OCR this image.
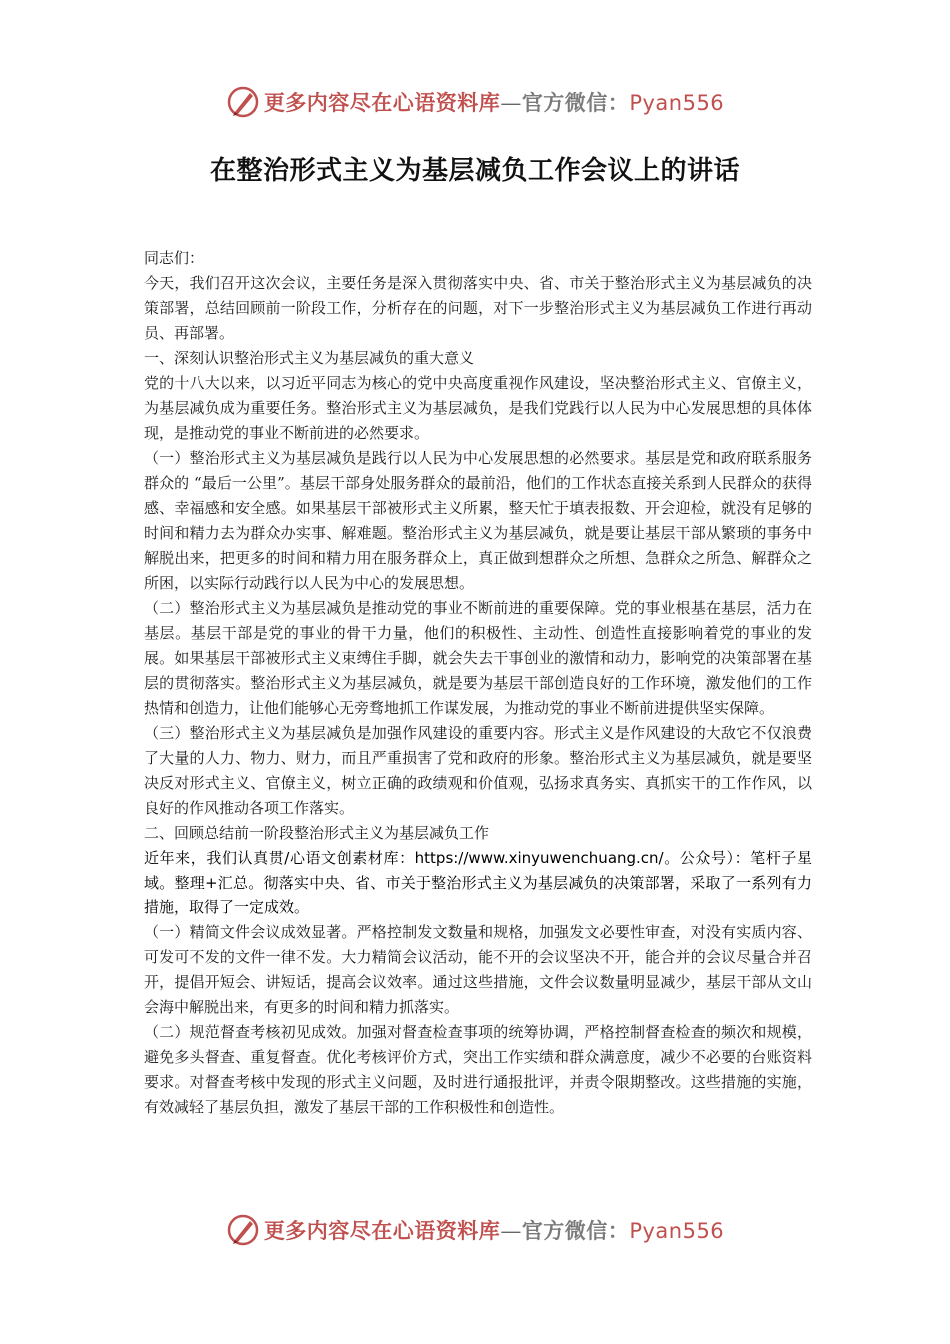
更多内容尽在心语资料库—官方微信：Pyan556
在整治形式主义为基层减负工作会议上的讲话

同志们：

今天，我们召开这次会议，主要任务是深入贯彻落实中央、省、市关于整治形式主义为基层减负的决策部署，总结回顾前一阶段工作，分析存在的问题，对下一步整治形式主义为基层减负工作进行再动员、再部署。

一、深刻认识整治形式主义为基层减负的重大意义

党的十八大以来，以习近平同志为核心的党中央高度重视作风建设，坚决整治形式主义、官僚主义，为基层减负成为重要任务。整治形式主义为基层减负，是我们党践行以人民为中心发展思想的具体体现，是推动党的事业不断前进的必然要求。

（一）整治形式主义为基层减负是践行以人民为中心发展思想的必然要求。基层是党和政府联系服务群众的 “最后一公里”。基层干部身处服务群众的最前沿，他们的工作状态直接关系到人民群众的获得感、幸福感和安全感。如果基层干部被形式主义所累，整天忙于填表报数、开会迎检，就没有足够的时间和精力去为群众办实事、解难题。整治形式主义为基层减负，就是要让基层干部从繁琐的事务中解脱出来，把更多的时间和精力用在服务群众上，真正做到想群众之所想、急群众之所急、解群众之所困，以实际行动践行以人民为中心的发展思想。

（二）整治形式主义为基层减负是推动党的事业不断前进的重要保障。党的事业根基在基层，活力在基层。基层干部是党的事业的骨干力量，他们的积极性、主动性、创造性直接影响着党的事业的发展。如果基层干部被形式主义束缚住手脚，就会失去干事创业的激情和动力，影响党的决策部署在基层的贯彻落实。整治形式主义为基层减负，就是要为基层干部创造良好的工作环境，激发他们的工作热情和创造力，让他们能够心无旁骛地抓工作谋发展，为推动党的事业不断前进提供坚实保障。

（三）整治形式主义为基层减负是加强作风建设的重要内容。形式主义是作风建设的大敌它不仅浪费了大量的人力、物力、财力，而且严重损害了党和政府的形象。整治形式主义为基层减负，就是要坚决反对形式主义、官僚主义，树立正确的政绩观和价值观，弘扬求真务实、真抓实干的工作作风，以良好的作风推动各项工作落实。

二、回顾总结前一阶段整治形式主义为基层减负工作

近年来，我们认真贯/心语文创素材库：https://www.xinyuwenchuang.cn/。公众号）：笔杆子星域。整理+汇总。彻落实中央、省、市关于整治形式主义为基层减负的决策部署，采取了一系列有力措施，取得了一定成效。

（一）精简文件会议成效显著。严格控制发文数量和规格，加强发文必要性审查，对没有实质内容、可发可不发的文件一律不发。大力精简会议活动，能不开的会议坚决不开，能合并的会议尽量合并召开，提倡开短会、讲短话，提高会议效率。通过这些措施，文件会议数量明显减少，基层干部从文山会海中解脱出来，有更多的时间和精力抓落实。

（二）规范督查考核初见成效。加强对督查检查事项的统筹协调，严格控制督查检查的频次和规模，避免多头督查、重复督查。优化考核评价方式，突出工作实绩和群众满意度，减少不必要的台账资料要求。对督查考核中发现的形式主义问题，及时进行通报批评，并责令限期整改。这些措施的实施，有效减轻了基层负担，激发了基层干部的工作积极性和创造性。

更多内容尽在心语资料库—官方微信：Pyan556
